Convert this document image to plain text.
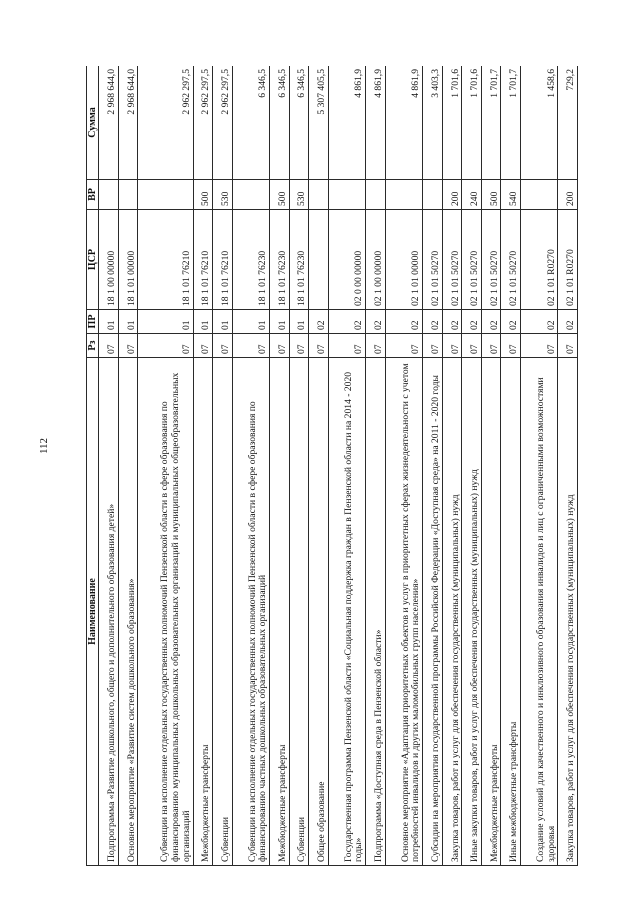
112
Наименование	Рз	ПР	ЦСР	ВР	Сумма
Подпрограмма «Развитие дошкольного, общего и дополнительного образования детей»	07	01	18 1 00 00000		2 968 644,0
Основное мероприятие «Развитие систем дошкольного образования»	07	01	18 1 01 00000		2 968 644,0
Субвенции на исполнение отдельных государственных полномочий Пензенской области в сфере образования по финансированию муниципальных дошкольных образовательных организаций и муниципальных общеобразовательных организаций	07	01	18 1 01 76210		2 962 297,5
Межбюджетные трансферты	07	01	18 1 01 76210	500	2 962 297,5
Субвенции	07	01	18 1 01 76210	530	2 962 297,5
Субвенции на исполнение отдельных государственных полномочий Пензенской области в сфере образования по финансированию частных дошкольных образовательных организаций	07	01	18 1 01 76230		6 346,5
Межбюджетные трансферты	07	01	18 1 01 76230	500	6 346,5
Субвенции	07	01	18 1 01 76230	530	6 346,5
Общее образование	07	02			5 307 405,5
Государственная программа Пензенской области «Социальная поддержка граждан в Пензенской области на 2014 - 2020 годы»	07	02	02 0 00 00000		4 861,9
Подпрограмма «Доступная среда в Пензенской области»	07	02	02 1 00 00000		4 861,9
Основное мероприятие «Адаптация приоритетных объектов и услуг в приоритетных сферах жизнедеятельности с учетом потребностей инвалидов и других маломобильных групп населения»	07	02	02 1 01 00000		4 861,9
Субсидии на мероприятия государственной программы Российской Федерации «Доступная среда» на 2011 - 2020 годы	07	02	02 1 01 50270		3 403,3
Закупка товаров, работ и услуг для обеспечения государственных (муниципальных) нужд	07	02	02 1 01 50270	200	1 701,6
Иные закупки товаров, работ и услуг для обеспечения государственных (муниципальных) нужд	07	02	02 1 01 50270	240	1 701,6
Межбюджетные трансферты	07	02	02 1 01 50270	500	1 701,7
Иные межбюджетные трансферты	07	02	02 1 01 50270	540	1 701,7
Создание условий для качественного и инклюзивного образования инвалидов и лиц с ограниченными возможностями здоровья	07	02	02 1 01 R0270		1 458,6
Закупка товаров, работ и услуг для обеспечения государственных (муниципальных) нужд	07	02	02 1 01 R0270	200	729,2
